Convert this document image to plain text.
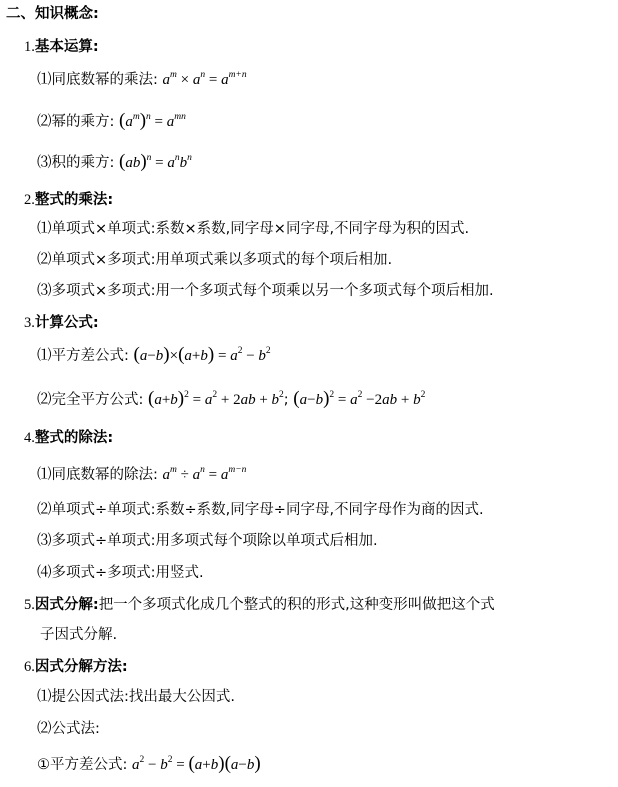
二、知识概念:
1.基本运算:
⑴同底数幂的乘法: $a^m \times a^n = a^{m+n}$
⑵幂的乘方: $(a^m)^n = a^{mn}$
⑶积的乘方: $(ab)^n = a^nb^n$
2.整式的乘法:
⑴单项式×单项式:系数×系数,同字母×同字母,不同字母为积的因式.
⑵单项式×多项式:用单项式乘以多项式的每个项后相加.
⑶多项式×多项式:用一个多项式每个项乘以另一个多项式每个项后相加.
3.计算公式:
⑴平方差公式: $(a-b)\times(a+b) = a^2 - b^2$
⑵完全平方公式: $(a+b)^2 = a^2 + 2ab + b^2$; $(a-b)^2 = a^2 -2ab + b^2$
4.整式的除法:
⑴同底数幂的除法: $a^m \div a^n = a^{m-n}$
⑵单项式÷单项式:系数÷系数,同字母÷同字母,不同字母作为商的因式.
⑶多项式÷单项式:用多项式每个项除以单项式后相加.
⑷多项式÷多项式:用竖式.
5.因式分解:把一个多项式化成几个整式的积的形式,这种变形叫做把这个式
子因式分解.
6.因式分解方法:
⑴提公因式法:找出最大公因式.
⑵公式法:
①平方差公式: $a^2 - b^2 = (a+b)(a-b)$
